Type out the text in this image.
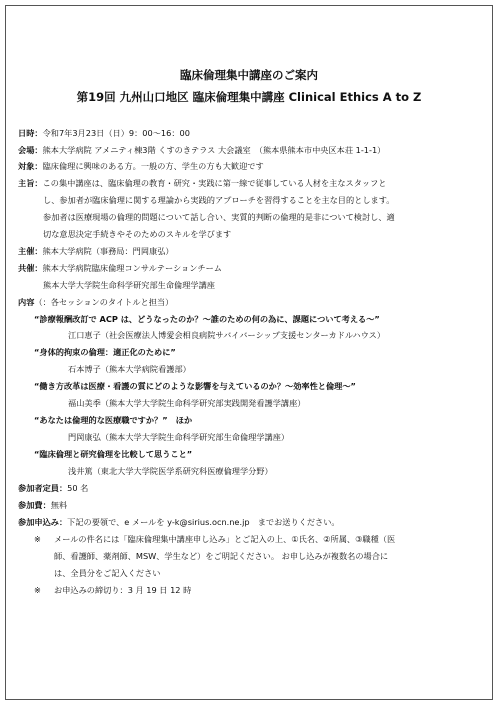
臨床倫理集中講座のご案内
第19回 九州山口地区 臨床倫理集中講座 Clinical Ethics A to Z
日時：令和7年3月23日（日）9：00〜16：00
会場：熊本大学病院 アメニティ棟3階 くすのきテラス 大会議室　（熊本県熊本市中央区本荘 1-1-1）
対象：臨床倫理に興味のある方。一般の方、学生の方も大歓迎です
主旨：この集中講座は、臨床倫理の教育・研究・実践に第一線で従事している人材を主なスタッフと
し、参加者が臨床倫理に関する理論から実践的アプローチを習得することを主な目的とします。
参加者は医療現場の倫理的問題について話し合い、実質的判断の倫理的是非について検討し、適
切な意思決定手続きやそのためのスキルを学びます
主催：熊本大学病院（事務局：門岡康弘）
共催：熊本大学病院臨床倫理コンサルテーションチーム
熊本大学大学院生命科学研究部生命倫理学講座
内容（：各セッションのタイトルと担当）
“診療報酬改訂で ACP は、どうなったのか？〜誰のための何の為に、課題について考える〜”
江口恵子（社会医療法人博愛会相良病院サバイバーシップ支援センターカドルハウス）
“身体的拘束の倫理：適正化のために”
石本博子（熊本大学病院看護部）
“働き方改革は医療・看護の質にどのような影響を与えているのか？〜効率性と倫理〜”
福山美季（熊本大学大学院生命科学研究部実践開発看護学講座）
“あなたは倫理的な医療職ですか？”　ほか
門岡康弘（熊本大学大学院生命科学研究部生命倫理学講座）
“臨床倫理と研究倫理を比較して思うこと”
浅井篤（東北大学大学院医学系研究科医療倫理学分野）
参加者定員：50 名
参加費：無料
参加申込み：下記の要領で、e メールを y-k@sirius.ocn.ne.jp　までお送りください。
※ メールの件名には「臨床倫理集中講座申し込み」とご記入の上、①氏名、②所属、③職種（医
師、看護師、薬剤師、MSW、学生など）をご明記ください。 お申し込みが複数名の場合に
は、全員分をご記入ください
※ お申込みの締切り：3 月 19 日 12 時
